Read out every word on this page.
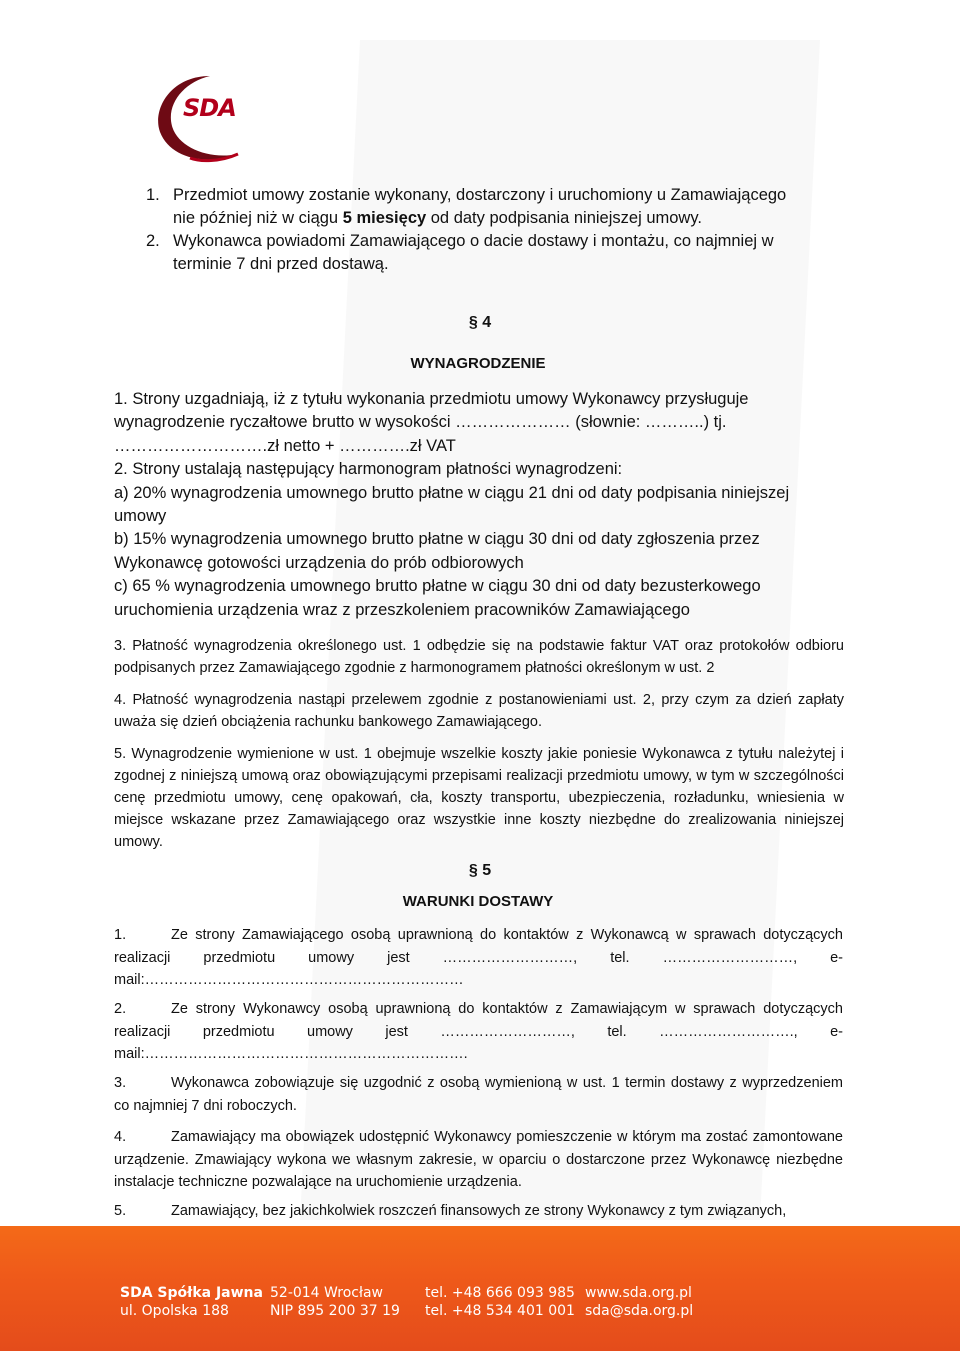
SDA
1. Przedmiot umowy zostanie wykonany, dostarczony i uruchomiony u Zamawiającego
nie później niż w ciągu 5 miesięcy od daty podpisania niniejszej umowy.
2. Wykonawca powiadomi Zamawiającego o dacie dostawy i montażu, co najmniej w
terminie 7 dni przed dostawą.
§ 4
WYNAGRODZENIE
1. Strony uzgadniają, iż z tytułu wykonania przedmiotu umowy Wykonawcy przysługuje
wynagrodzenie ryczałtowe brutto w wysokości ………………… (słownie: ………..) tj.
……………………….zł netto + ………….zł VAT
2. Strony ustalają następujący harmonogram płatności wynagrodzeni:
a) 20% wynagrodzenia umownego brutto płatne w ciągu 21 dni od daty podpisania niniejszej umowy
b) 15% wynagrodzenia umownego brutto płatne w ciągu 30 dni od daty zgłoszenia przez Wykonawcę gotowości urządzenia do prób odbiorowych
c) 65 % wynagrodzenia umownego brutto płatne w ciągu 30 dni od daty bezusterkowego uruchomienia urządzenia wraz z przeszkoleniem pracowników Zamawiającego
3. Płatność wynagrodzenia określonego ust. 1 odbędzie się na podstawie faktur VAT oraz protokołów odbioru podpisanych przez Zamawiającego zgodnie z harmonogramem płatności określonym w ust. 2
4. Płatność wynagrodzenia nastąpi przelewem zgodnie z postanowieniami ust. 2, przy czym za dzień zapłaty uważa się dzień obciążenia rachunku bankowego Zamawiającego.
5. Wynagrodzenie wymienione w ust. 1 obejmuje wszelkie koszty jakie poniesie Wykonawca z tytułu należytej i zgodnej z niniejszą umową oraz obowiązującymi przepisami realizacji przedmiotu umowy, w tym w szczególności cenę przedmiotu umowy, cenę opakowań, cła, koszty transportu, ubezpieczenia, rozładunku, wniesienia w miejsce wskazane przez Zamawiającego oraz wszystkie inne koszty niezbędne do zrealizowania niniejszej umowy.
§ 5
WARUNKI DOSTAWY
1.	Ze strony Zamawiającego osobą uprawnioną do kontaktów z Wykonawcą w sprawach dotyczących realizacji przedmiotu umowy jest ………………………, tel. ………………………, e-mail:…………………………………………………………
2.	Ze strony Wykonawcy osobą uprawnioną do kontaktów z Zamawiającym w sprawach dotyczących realizacji przedmiotu umowy jest ………………………, tel. ………………………., e-mail:………………………………………………………….
3.	Wykonawca zobowiązuje się uzgodnić z osobą wymienioną w ust. 1 termin dostawy z wyprzedzeniem co najmniej 7 dni roboczych.
4.	Zamawiający ma obowiązek udostępnić Wykonawcy pomieszczenie w którym ma zostać zamontowane urządzenie. Zmawiający wykona we własnym zakresie, w oparciu o dostarczone przez Wykonawcę niezbędne instalacje techniczne pozwalające na uruchomienie urządzenia.
5.	Zamawiający, bez jakichkolwiek roszczeń finansowych ze strony Wykonawcy z tym związanych,
SDA Spółka Jawna
ul. Opolska 188
52-014 Wrocław
NIP 895 200 37 19
tel. +48 666 093 985
tel. +48 534 401 001
www.sda.org.pl
sda@sda.org.pl
